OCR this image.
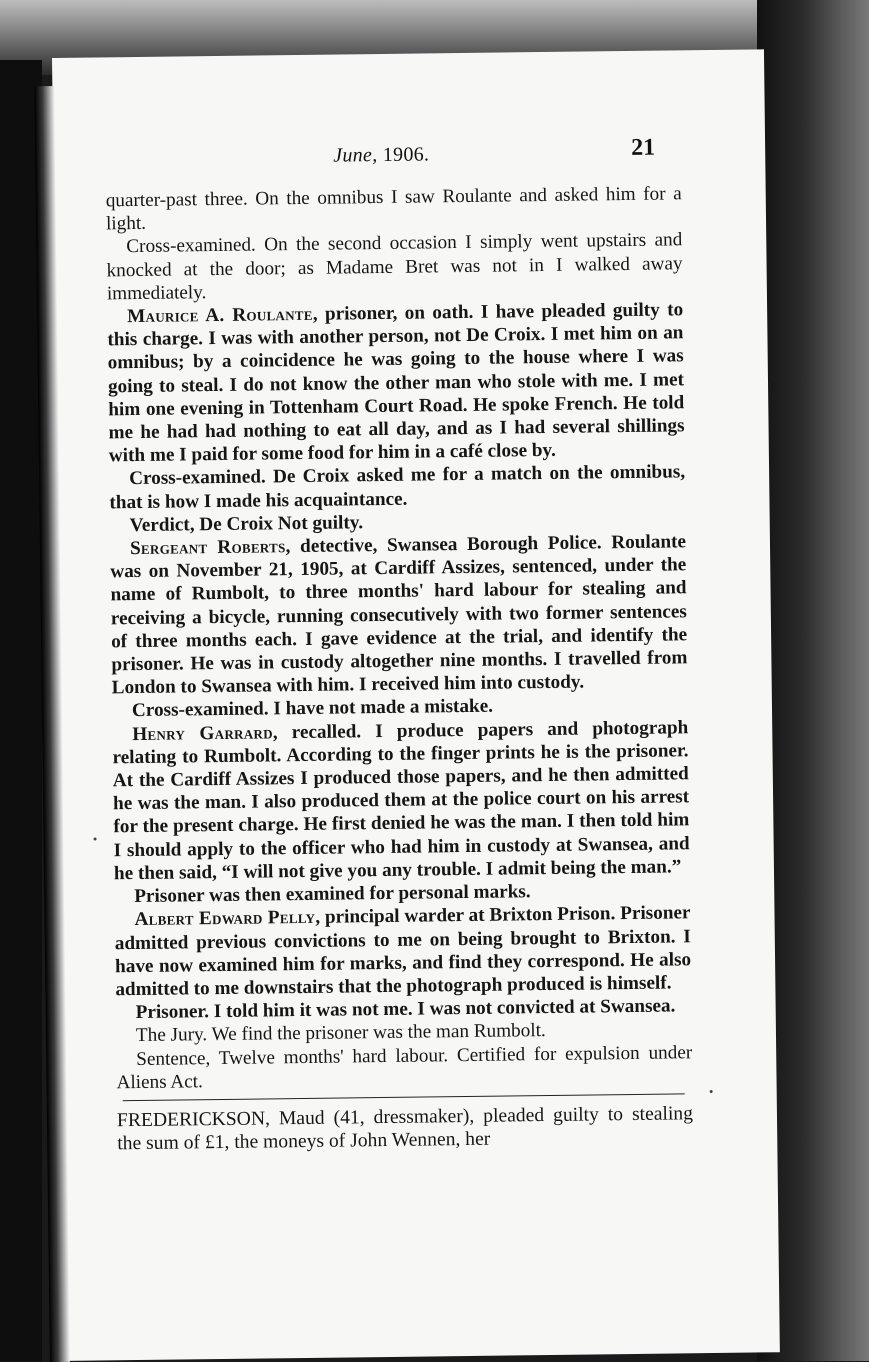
June, 1906.	21

quarter-past three. On the omnibus I saw Roulante and asked him for a light.

Cross-examined. On the second occasion I simply went upstairs and knocked at the door; as Madame Bret was not in I walked away immediately.

Maurice A. Roulante, prisoner, on oath. I have pleaded guilty to this charge. I was with another person, not De Croix. I met him on an omnibus; by a coincidence he was going to the house where I was going to steal. I do not know the other man who stole with me. I met him one evening in Tottenham Court Road. He spoke French. He told me he had had nothing to eat all day, and as I had several shillings with me I paid for some food for him in a café close by.

Cross-examined. De Croix asked me for a match on the omnibus, that is how I made his acquaintance.

Verdict, De Croix Not guilty.

Sergeant Roberts, detective, Swansea Borough Police. Roulante was on November 21, 1905, at Cardiff Assizes, sentenced, under the name of Rumbolt, to three months' hard labour for stealing and receiving a bicycle, running consecutively with two former sentences of three months each. I gave evidence at the trial, and identify the prisoner. He was in custody altogether nine months. I travelled from London to Swansea with him. I received him into custody.

Cross-examined. I have not made a mistake.

Henry Garrard, recalled. I produce papers and photograph relating to Rumbolt. According to the finger prints he is the prisoner. At the Cardiff Assizes I produced those papers, and he then admitted he was the man. I also produced them at the police court on his arrest for the present charge. He first denied he was the man. I then told him I should apply to the officer who had him in custody at Swansea, and he then said, “I will not give you any trouble. I admit being the man.”

Prisoner was then examined for personal marks.

Albert Edward Pelly, principal warder at Brixton Prison. Prisoner admitted previous convictions to me on being brought to Brixton. I have now examined him for marks, and find they correspond. He also admitted to me downstairs that the photograph produced is himself.

Prisoner. I told him it was not me. I was not convicted at Swansea.

The Jury. We find the prisoner was the man Rumbolt.

Sentence, Twelve months' hard labour. Certified for expulsion under Aliens Act.

FREDERICKSON, Maud (41, dressmaker), pleaded guilty to stealing the sum of £1, the moneys of John Wennen, her
